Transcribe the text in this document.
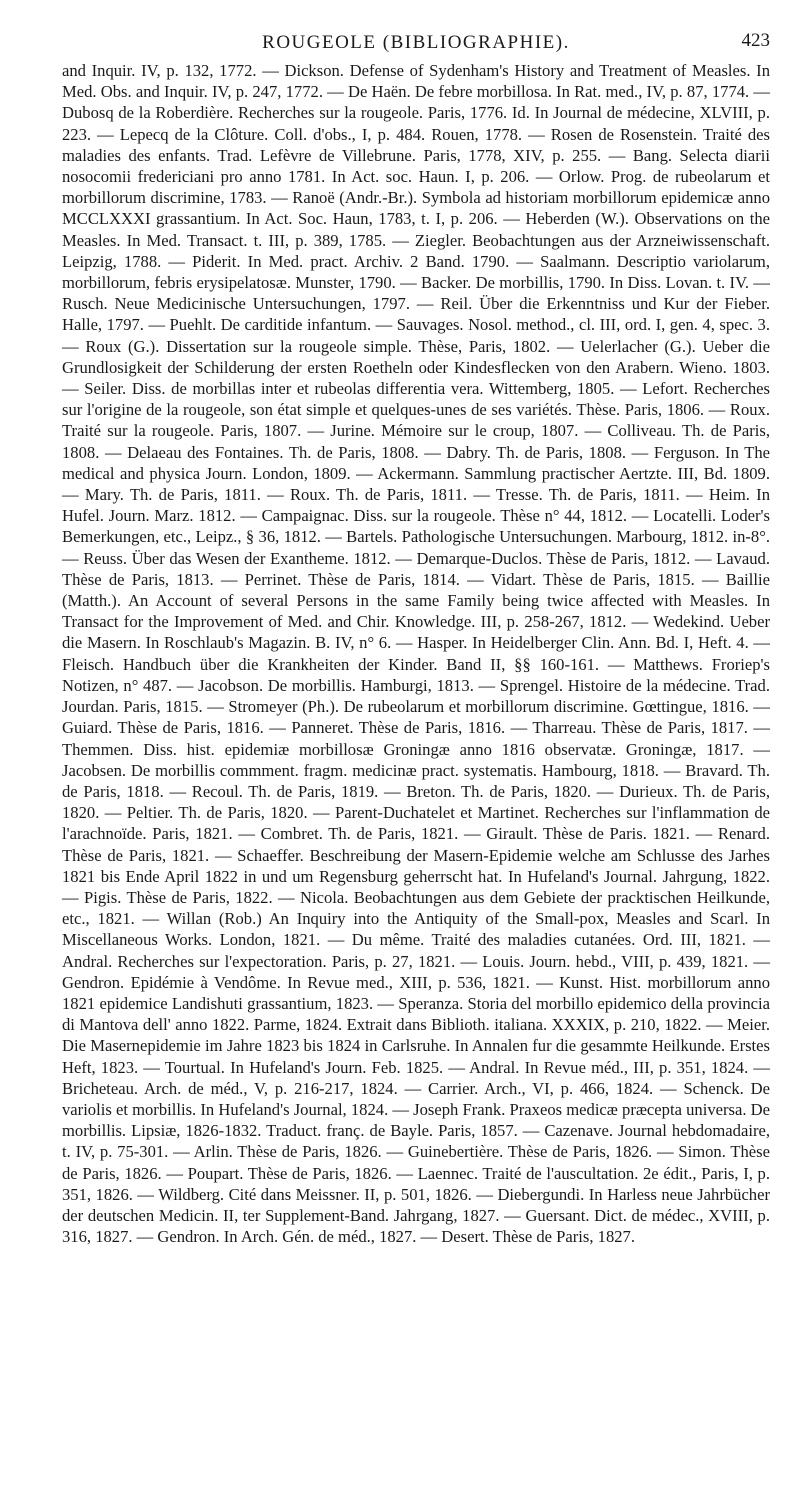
ROUGEOLE (BIBLIOGRAPHIE).	423

and Inquir. IV, p. 132, 1772. — Dickson. Defense of Sydenham's History and Treatment of Measles. In Med. Obs. and Inquir. IV, p. 247, 1772. — De Haën. De febre morbillosa. In Rat. med., IV, p. 87, 1774. — Dubosq de la Roberdière. Recherches sur la rougeole. Paris, 1776. Id. In Journal de médecine, XLVIII, p. 223. — Lepecq de la Clôture. Coll. d'obs., I, p. 484. Rouen, 1778. — Rosen de Rosenstein. Traité des maladies des enfants. Trad. Lefèvre de Villebrune. Paris, 1778, XIV, p. 255. — Bang. Selecta diarii nosocomii fredericiani pro anno 1781. In Act. soc. Haun. I, p. 206. — Orlow. Prog. de rubeolarum et morbillorum discrimine, 1783. — Ranoë (Andr.-Br.). Symbola ad historiam morbillorum epidemicæ anno MCCLXXXI grassantium. In Act. Soc. Haun, 1783, t. I, p. 206. — Heberden (W.). Observations on the Measles. In Med. Transact. t. III, p. 389, 1785. — Ziegler. Beobachtungen aus der Arzneiwissenschaft. Leipzig, 1788. — Piderit. In Med. pract. Archiv. 2 Band. 1790. — Saalmann. Descriptio variolarum, morbillorum, febris erysipelatosæ. Munster, 1790. — Backer. De morbillis, 1790. In Diss. Lovan. t. IV. — Rusch. Neue Medicinische Untersuchungen, 1797. — Reil. Über die Erkenntniss und Kur der Fieber. Halle, 1797. — Puehlt. De carditide infantum. — Sauvages. Nosol. method., cl. III, ord. I, gen. 4, spec. 3. — Roux (G.). Dissertation sur la rougeole simple. Thèse, Paris, 1802. — Uelerlacher (G.). Ueber die Grundlosigkeit der Schilderung der ersten Roetheln oder Kindesflecken von den Arabern. Wieno. 1803. — Seiler. Diss. de morbillas inter et rubeolas differentia vera. Wittemberg, 1805. — Lefort. Recherches sur l'origine de la rougeole, son état simple et quelques-unes de ses variétés. Thèse. Paris, 1806. — Roux. Traité sur la rougeole. Paris, 1807. — Jurine. Mémoire sur le croup, 1807. — Colliveau. Th. de Paris, 1808. — Delaeau des Fontaines. Th. de Paris, 1808. — Dabry. Th. de Paris, 1808. — Ferguson. In The medical and physica Journ. London, 1809. — Ackermann. Sammlung practischer Aertzte. III, Bd. 1809. — Mary. Th. de Paris, 1811. — Roux. Th. de Paris, 1811. — Tresse. Th. de Paris, 1811. — Heim. In Hufel. Journ. Marz. 1812. — Campaignac. Diss. sur la rougeole. Thèse n° 44, 1812. — Locatelli. Loder's Bemerkungen, etc., Leipz., § 36, 1812. — Bartels. Pathologische Untersuchungen. Marbourg, 1812. in-8°. — Reuss. Über das Wesen der Exantheme. 1812. — Demarque-Duclos. Thèse de Paris, 1812. — Lavaud. Thèse de Paris, 1813. — Perrinet. Thèse de Paris, 1814. — Vidart. Thèse de Paris, 1815. — Baillie (Matth.). An Account of several Persons in the same Family being twice affected with Measles. In Transact for the Improvement of Med. and Chir. Knowledge. III, p. 258-267, 1812. — Wedekind. Ueber die Masern. In Roschlaub's Magazin. B. IV, n° 6. — Hasper. In Heidelberger Clin. Ann. Bd. I, Heft. 4. — Fleisch. Handbuch über die Krankheiten der Kinder. Band II, §§ 160-161. — Matthews. Froriep's Notizen, n° 487. — Jacobson. De morbillis. Hamburgi, 1813. — Sprengel. Histoire de la médecine. Trad. Jourdan. Paris, 1815. — Stromeyer (Ph.). De rubeolarum et morbillorum discrimine. Gœttingue, 1816. — Guiard. Thèse de Paris, 1816. — Panneret. Thèse de Paris, 1816. — Tharreau. Thèse de Paris, 1817. — Themmen. Diss. hist. epidemiæ morbillosæ Groningæ anno 1816 observatæ. Groningæ, 1817. — Jacobsen. De morbillis commment. fragm. medicinæ pract. systematis. Hambourg, 1818. — Bravard. Th. de Paris, 1818. — Recoul. Th. de Paris, 1819. — Breton. Th. de Paris, 1820. — Durieux. Th. de Paris, 1820. — Peltier. Th. de Paris, 1820. — Parent-Duchatelet et Martinet. Recherches sur l'inflammation de l'arachnoïde. Paris, 1821. — Combret. Th. de Paris, 1821. — Girault. Thèse de Paris. 1821. — Renard. Thèse de Paris, 1821. — Schaeffer. Beschreibung der Masern-Epidemie welche am Schlusse des Jarhes 1821 bis Ende April 1822 in und um Regensburg geherrscht hat. In Hufeland's Journal. Jahrgung, 1822. — Pigis. Thèse de Paris, 1822. — Nicola. Beobachtungen aus dem Gebiete der pracktischen Heilkunde, etc., 1821. — Willan (Rob.) An Inquiry into the Antiquity of the Small-pox, Measles and Scarl. In Miscellaneous Works. London, 1821. — Du même. Traité des maladies cutanées. Ord. III, 1821. — Andral. Recherches sur l'expectoration. Paris, p. 27, 1821. — Louis. Journ. hebd., VIII, p. 439, 1821. — Gendron. Epidémie à Vendôme. In Revue med., XIII, p. 536, 1821. — Kunst. Hist. morbillorum anno 1821 epidemice Landishuti grassantium, 1823. — Speranza. Storia del morbillo epidemico della provincia di Mantova dell' anno 1822. Parme, 1824. Extrait dans Biblioth. italiana. XXXIX, p. 210, 1822. — Meier. Die Masernepidemie im Jahre 1823 bis 1824 in Carlsruhe. In Annalen fur die gesammte Heilkunde. Erstes Heft, 1823. — Tourtual. In Hufeland's Journ. Feb. 1825. — Andral. In Revue méd., III, p. 351, 1824. — Bricheteau. Arch. de méd., V, p. 216-217, 1824. — Carrier. Arch., VI, p. 466, 1824. — Schenck. De variolis et morbillis. In Hufeland's Journal, 1824. — Joseph Frank. Praxeos medicæ præcepta universa. De morbillis. Lipsiæ, 1826-1832. Traduct. franç. de Bayle. Paris, 1857. — Cazenave. Journal hebdomadaire, t. IV, p. 75-301. — Arlin. Thèse de Paris, 1826. — Guinebertière. Thèse de Paris, 1826. — Simon. Thèse de Paris, 1826. — Poupart. Thèse de Paris, 1826. — Laennec. Traité de l'auscultation. 2e édit., Paris, I, p. 351, 1826. — Wildberg. Cité dans Meissner. II, p. 501, 1826. — Diebergundi. In Harless neue Jahrbücher der deutschen Medicin. II, ter Supplement-Band. Jahrgang, 1827. — Guersant. Dict. de médec., XVIII, p. 316, 1827. — Gendron. In Arch. Gén. de méd., 1827. — Desert. Thèse de Paris, 1827.
